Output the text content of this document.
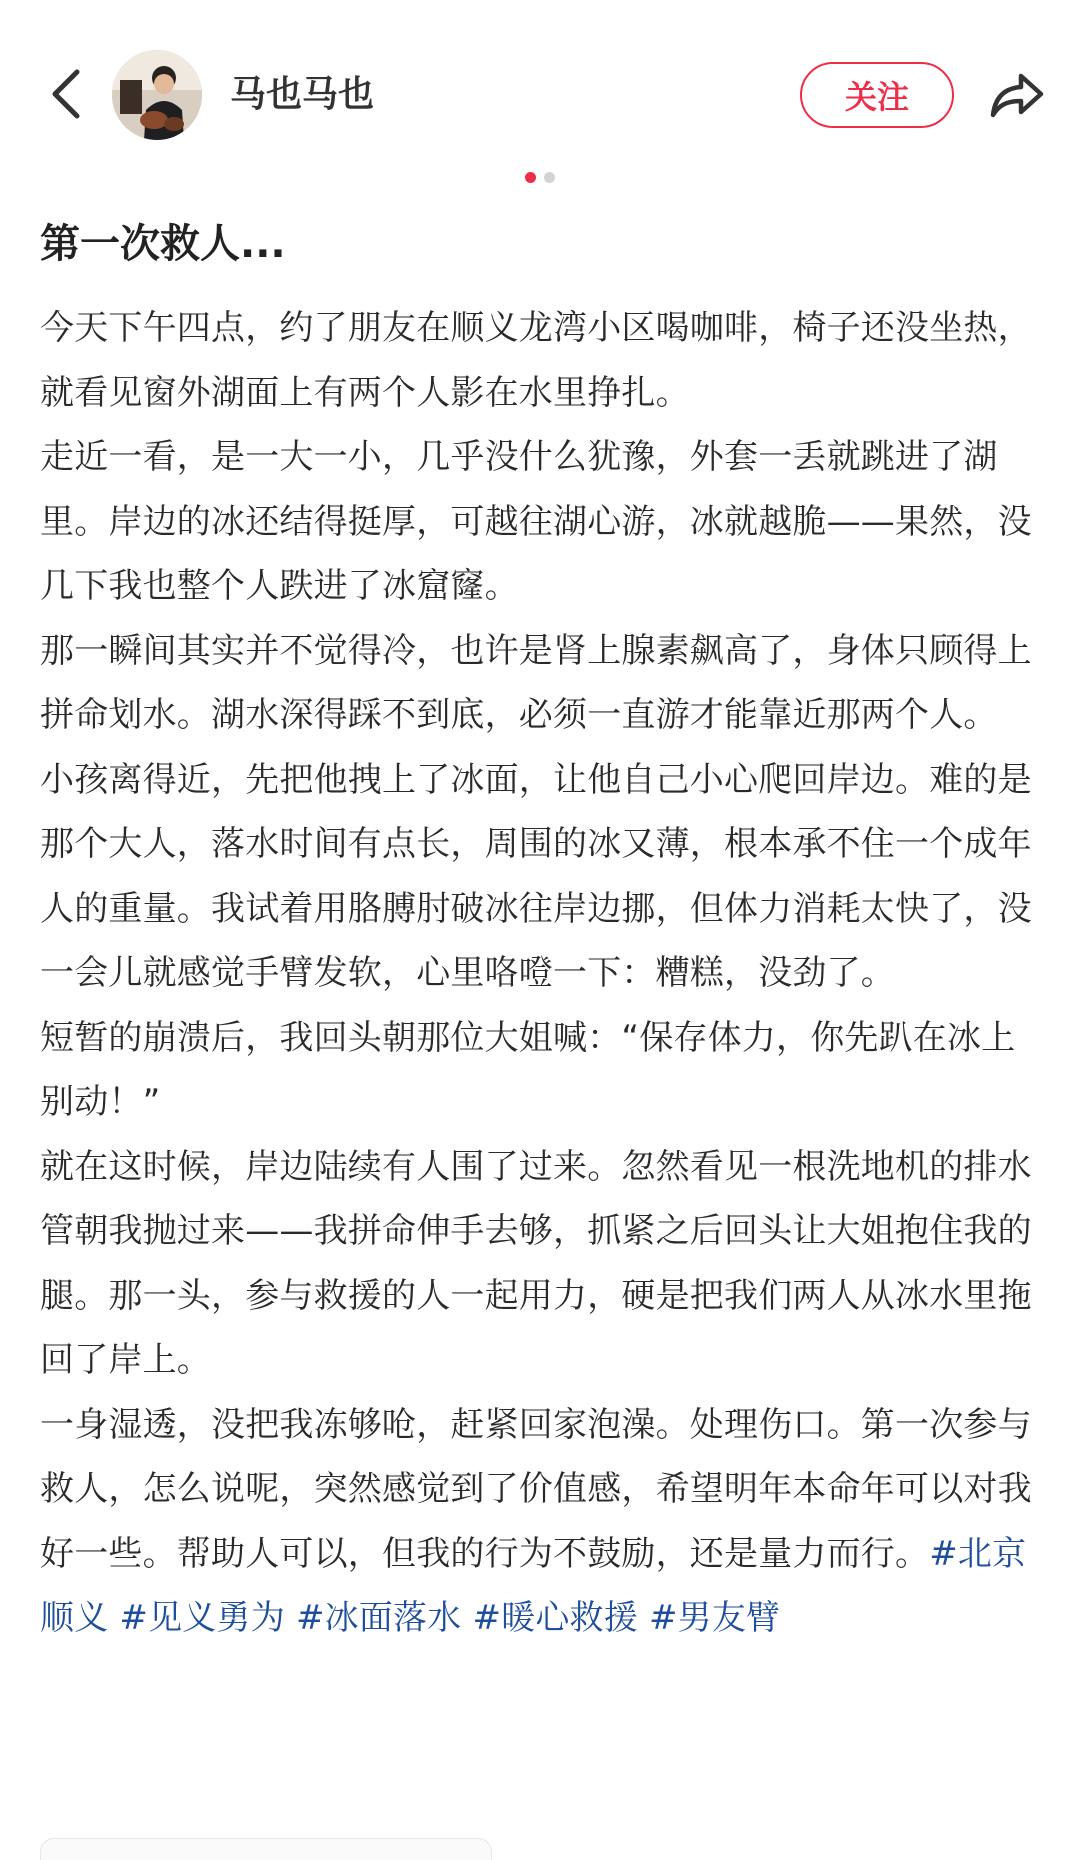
马也马也	关注
第一次救人...

今天下午四点，约了朋友在顺义龙湾小区喝咖啡，椅子还没坐热，就看见窗外湖面上有两个人影在水里挣扎。

走近一看，是一大一小，几乎没什么犹豫，外套一丢就跳进了湖里。岸边的冰还结得挺厚，可越往湖心游，冰就越脆——果然，没几下我也整个人跌进了冰窟窿。

那一瞬间其实并不觉得冷，也许是肾上腺素飙高了，身体只顾得上拼命划水。湖水深得踩不到底，必须一直游才能靠近那两个人。

小孩离得近，先把他拽上了冰面，让他自己小心爬回岸边。难的是那个大人，落水时间有点长，周围的冰又薄，根本承不住一个成年人的重量。我试着用胳膊肘破冰往岸边挪，但体力消耗太快了，没一会儿就感觉手臂发软，心里咯噔一下：糟糕，没劲了。

短暂的崩溃后，我回头朝那位大姐喊：“保存体力，你先趴在冰上别动！”

就在这时候，岸边陆续有人围了过来。忽然看见一根洗地机的排水管朝我抛过来——我拼命伸手去够，抓紧之后回头让大姐抱住我的腿。那一头，参与救援的人一起用力，硬是把我们两人从冰水里拖回了岸上。

一身湿透，没把我冻够呛，赶紧回家泡澡。处理伤口。第一次参与救人，怎么说呢，突然感觉到了价值感，希望明年本命年可以对我好一些。帮助人可以，但我的行为不鼓励，还是量力而行。#北京顺义 #见义勇为 #冰面落水 #暖心救援 #男友臂
